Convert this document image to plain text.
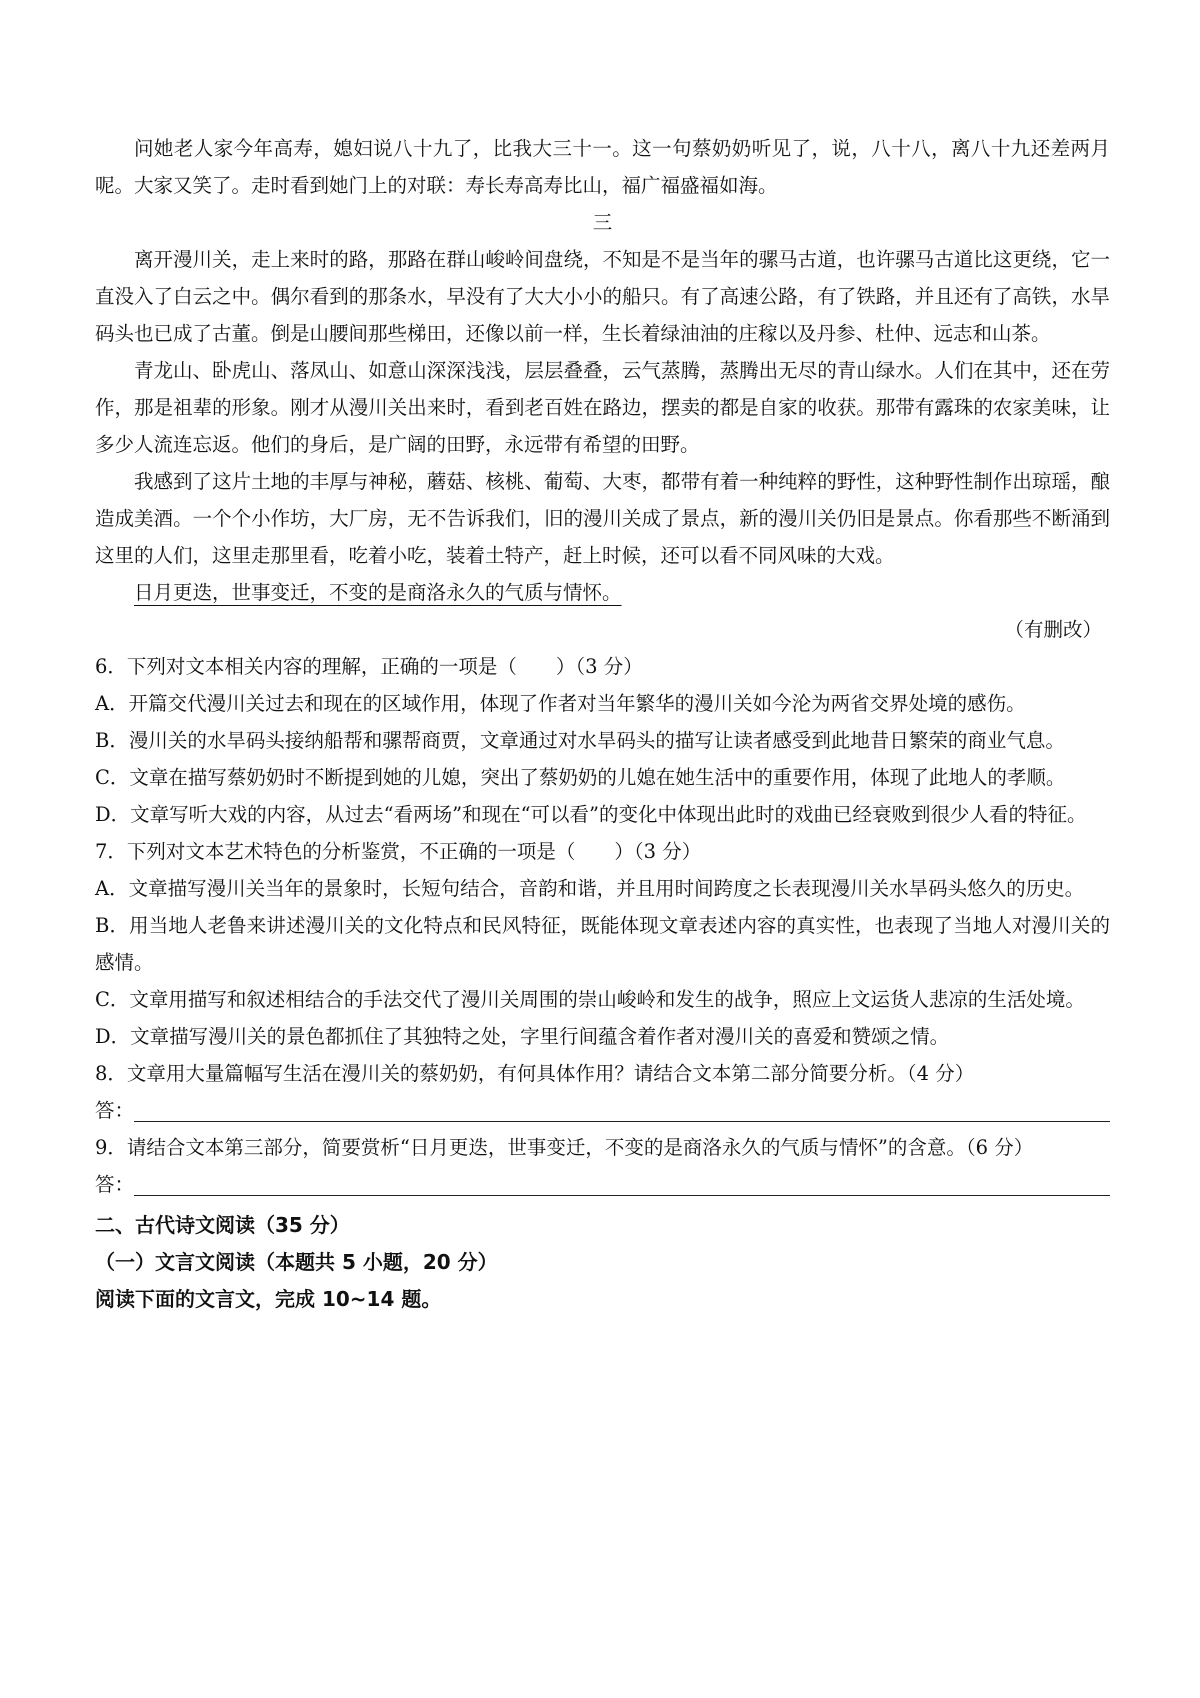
问她老人家今年高寿，媳妇说八十九了，比我大三十一。这一句蔡奶奶听见了，说，八十八，离八十九还差两月呢。大家又笑了。走时看到她门上的对联：寿长寿高寿比山，福广福盛福如海。

三

离开漫川关，走上来时的路，那路在群山峻岭间盘绕，不知是不是当年的骡马古道，也许骡马古道比这更绕，它一直没入了白云之中。偶尔看到的那条水，早没有了大大小小的船只。有了高速公路，有了铁路，并且还有了高铁，水旱码头也已成了古董。倒是山腰间那些梯田，还像以前一样，生长着绿油油的庄稼以及丹参、杜仲、远志和山茶。

青龙山、卧虎山、落凤山、如意山深深浅浅，层层叠叠，云气蒸腾，蒸腾出无尽的青山绿水。人们在其中，还在劳作，那是祖辈的形象。刚才从漫川关出来时，看到老百姓在路边，摆卖的都是自家的收获。那带有露珠的农家美味，让多少人流连忘返。他们的身后，是广阔的田野，永远带有希望的田野。

我感到了这片土地的丰厚与神秘，蘑菇、核桃、葡萄、大枣，都带有着一种纯粹的野性，这种野性制作出琼瑶，酿造成美酒。一个个小作坊，大厂房，无不告诉我们，旧的漫川关成了景点，新的漫川关仍旧是景点。你看那些不断涌到这里的人们，这里走那里看，吃着小吃，装着土特产，赶上时候，还可以看不同风味的大戏。

日月更迭，世事变迁，不变的是商洛永久的气质与情怀。

（有删改）

6．下列对文本相关内容的理解，正确的一项是（　　）（3 分）

A．开篇交代漫川关过去和现在的区域作用，体现了作者对当年繁华的漫川关如今沦为两省交界处境的感伤。

B．漫川关的水旱码头接纳船帮和骡帮商贾，文章通过对水旱码头的描写让读者感受到此地昔日繁荣的商业气息。

C．文章在描写蔡奶奶时不断提到她的儿媳，突出了蔡奶奶的儿媳在她生活中的重要作用，体现了此地人的孝顺。

D．文章写听大戏的内容，从过去“看两场”和现在“可以看”的变化中体现出此时的戏曲已经衰败到很少人看的特征。

7．下列对文本艺术特色的分析鉴赏，不正确的一项是（　　）（3 分）

A．文章描写漫川关当年的景象时，长短句结合，音韵和谐，并且用时间跨度之长表现漫川关水旱码头悠久的历史。

B．用当地人老鲁来讲述漫川关的文化特点和民风特征，既能体现文章表述内容的真实性，也表现了当地人对漫川关的感情。

C．文章用描写和叙述相结合的手法交代了漫川关周围的崇山峻岭和发生的战争，照应上文运货人悲凉的生活处境。

D．文章描写漫川关的景色都抓住了其独特之处，字里行间蕴含着作者对漫川关的喜爱和赞颂之情。

8．文章用大量篇幅写生活在漫川关的蔡奶奶，有何具体作用？请结合文本第二部分简要分析。（4 分）

答：

9．请结合文本第三部分，简要赏析“日月更迭，世事变迁，不变的是商洛永久的气质与情怀”的含意。（6 分）

答：

二、古代诗文阅读（35 分）

（一）文言文阅读（本题共 5 小题，20 分）

阅读下面的文言文，完成 10~14 题。
